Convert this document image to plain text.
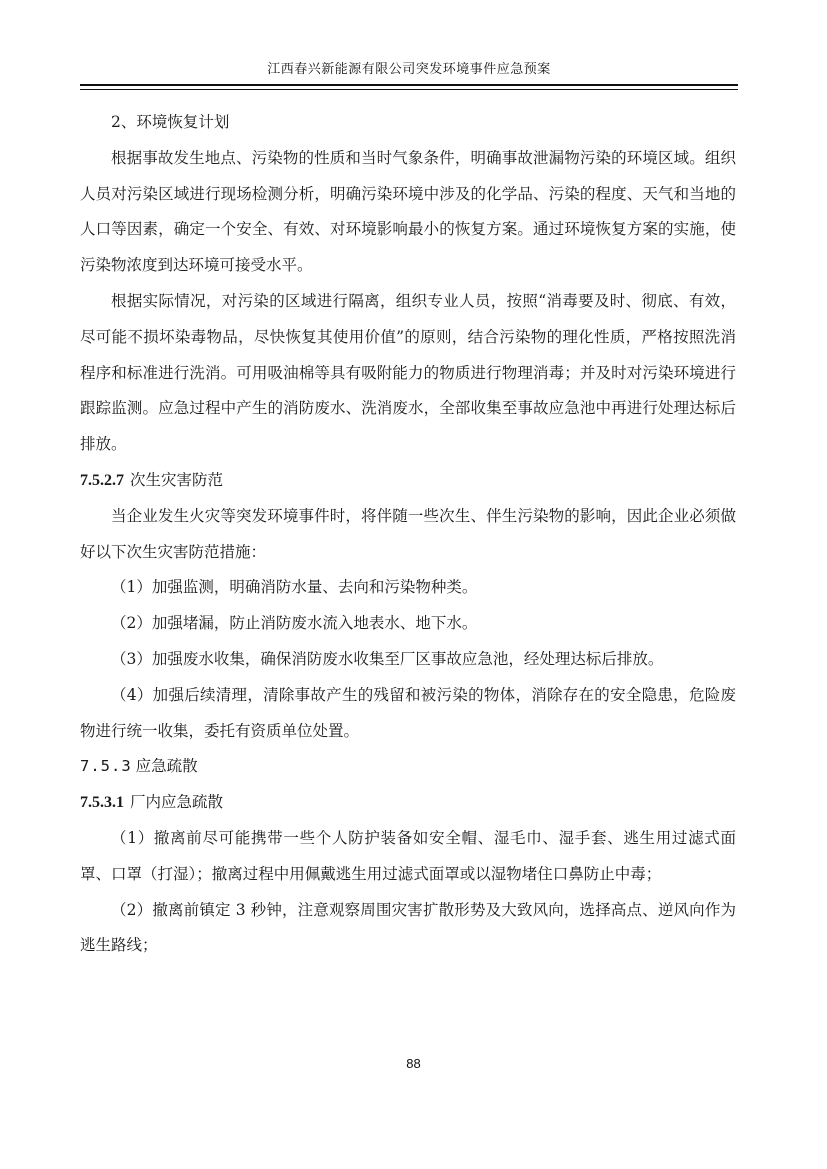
江西春兴新能源有限公司突发环境事件应急预案

2、环境恢复计划

根据事故发生地点、污染物的性质和当时气象条件，明确事故泄漏物污染的环境区域。组织人员对污染区域进行现场检测分析，明确污染环境中涉及的化学品、污染的程度、天气和当地的人口等因素，确定一个安全、有效、对环境影响最小的恢复方案。通过环境恢复方案的实施，使污染物浓度到达环境可接受水平。

根据实际情况，对污染的区域进行隔离，组织专业人员，按照“消毒要及时、彻底、有效，尽可能不损坏染毒物品，尽快恢复其使用价值”的原则，结合污染物的理化性质，严格按照洗消程序和标准进行洗消。可用吸油棉等具有吸附能力的物质进行物理消毒；并及时对污染环境进行跟踪监测。应急过程中产生的消防废水、洗消废水，全部收集至事故应急池中再进行处理达标后排放。

7.5.2.7 次生灾害防范

当企业发生火灾等突发环境事件时，将伴随一些次生、伴生污染物的影响，因此企业必须做好以下次生灾害防范措施：

（1）加强监测，明确消防水量、去向和污染物种类。

（2）加强堵漏，防止消防废水流入地表水、地下水。

（3）加强废水收集，确保消防废水收集至厂区事故应急池，经处理达标后排放。

（4）加强后续清理，清除事故产生的残留和被污染的物体，消除存在的安全隐患，危险废物进行统一收集，委托有资质单位处置。

7.5.3 应急疏散

7.5.3.1 厂内应急疏散

（1）撤离前尽可能携带一些个人防护装备如安全帽、湿毛巾、湿手套、逃生用过滤式面罩、口罩（打湿）；撤离过程中用佩戴逃生用过滤式面罩或以湿物堵住口鼻防止中毒；

（2）撤离前镇定 3 秒钟，注意观察周围灾害扩散形势及大致风向，选择高点、逆风向作为逃生路线；

88
